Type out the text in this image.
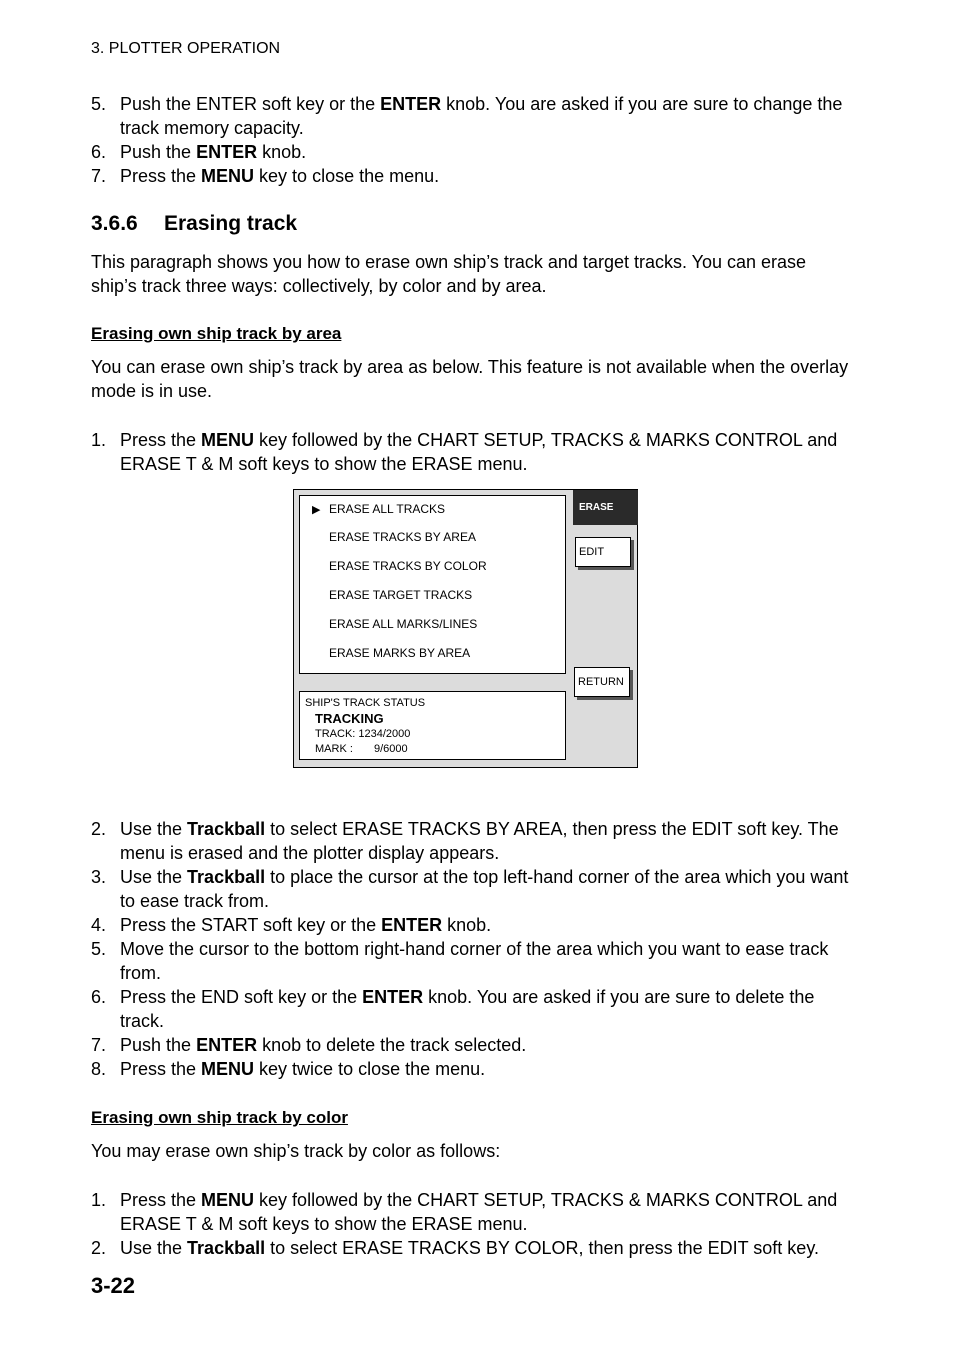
3. PLOTTER OPERATION
5. Push the ENTER soft key or the ENTER knob. You are asked if you are sure to change the track memory capacity.
6. Push the ENTER knob.
7. Press the MENU key to close the menu.
3.6.6 Erasing track

This paragraph shows you how to erase own ship’s track and target tracks. You can erase ship’s track three ways: collectively, by color and by area.

Erasing own ship track by area

You can erase own ship’s track by area as below. This feature is not available when the overlay mode is in use.

1. Press the MENU key followed by the CHART SETUP, TRACKS & MARKS CONTROL and ERASE T & M soft keys to show the ERASE menu.
▶ ERASE ALL TRACKS
ERASE TRACKS BY AREA
ERASE TRACKS BY COLOR
ERASE TARGET TRACKS
ERASE ALL MARKS/LINES
ERASE MARKS BY AREA
SHIP'S TRACK STATUS
TRACKING
TRACK: 1234/2000
MARK : 9/6000
ERASE
EDIT
RETURN
2. Use the Trackball to select ERASE TRACKS BY AREA, then press the EDIT soft key. The menu is erased and the plotter display appears.
3. Use the Trackball to place the cursor at the top left-hand corner of the area which you want to ease track from.
4. Press the START soft key or the ENTER knob.
5. Move the cursor to the bottom right-hand corner of the area which you want to ease track from.
6. Press the END soft key or the ENTER knob. You are asked if you are sure to delete the track.
7. Push the ENTER knob to delete the track selected.
8. Press the MENU key twice to close the menu.
Erasing own ship track by color

You may erase own ship’s track by color as follows:

1. Press the MENU key followed by the CHART SETUP, TRACKS & MARKS CONTROL and ERASE T & M soft keys to show the ERASE menu.
2. Use the Trackball to select ERASE TRACKS BY COLOR, then press the EDIT soft key.
3-22
